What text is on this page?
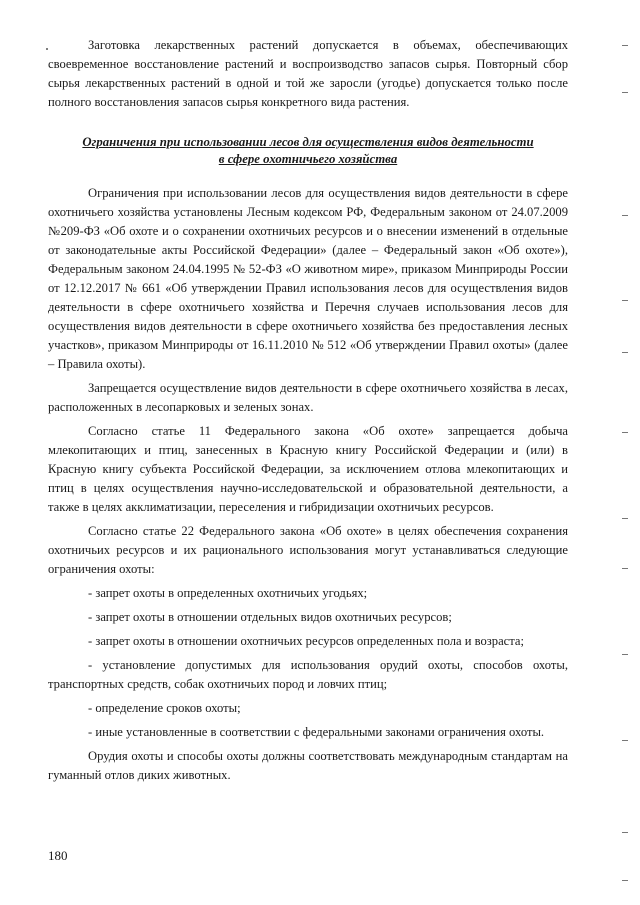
Заготовка лекарственных растений допускается в объемах, обеспечивающих своевременное восстановление растений и воспроизводство запасов сырья. Повторный сбор сырья лекарственных растений в одной и той же заросли (угодье) допускается только после полного восстановления запасов сырья конкретного вида растения.

Ограничения при использовании лесов для осуществления видов деятельности
в сфере охотничьего хозяйства

Ограничения при использовании лесов для осуществления видов деятельности в сфере охотничьего хозяйства установлены Лесным кодексом РФ, Федеральным законом от 24.07.2009 №209-ФЗ «Об охоте и о сохранении охотничьих ресурсов и о внесении изменений в отдельные от законодательные акты Российской Федерации» (далее – Федеральный закон «Об охоте»), Федеральным законом 24.04.1995 № 52-ФЗ «О животном мире», приказом Минприроды России от 12.12.2017 № 661 «Об утверждении Правил использования лесов для осуществления видов деятельности в сфере охотничьего хозяйства и Перечня случаев использования лесов для осуществления видов деятельности в сфере охотничьего хозяйства без предоставления лесных участков», приказом Минприроды от 16.11.2010 № 512 «Об утверждении Правил охоты» (далее – Правила охоты).

Запрещается осуществление видов деятельности в сфере охотничьего хозяйства в лесах, расположенных в лесопарковых и зеленых зонах.

Согласно статье 11 Федерального закона «Об охоте» запрещается добыча млекопитающих и птиц, занесенных в Красную книгу Российской Федерации и (или) в Красную книгу субъекта Российской Федерации, за исключением отлова млекопитающих и птиц в целях осуществления научно-исследовательской и образовательной деятельности, а также в целях акклиматизации, переселения и гибридизации охотничьих ресурсов.

Согласно статье 22 Федерального закона «Об охоте» в целях обеспечения сохранения охотничьих ресурсов и их рационального использования могут устанавливаться следующие ограничения охоты:

- запрет охоты в определенных охотничьих угодьях;

- запрет охоты в отношении отдельных видов охотничьих ресурсов;

- запрет охоты в отношении охотничьих ресурсов определенных пола и возраста;

- установление допустимых для использования орудий охоты, способов охоты, транспортных средств, собак охотничьих пород и ловчих птиц;

- определение сроков охоты;

- иные установленные в соответствии с федеральными законами ограничения охоты.

Орудия охоты и способы охоты должны соответствовать международным стандартам на гуманный отлов диких животных.

180
